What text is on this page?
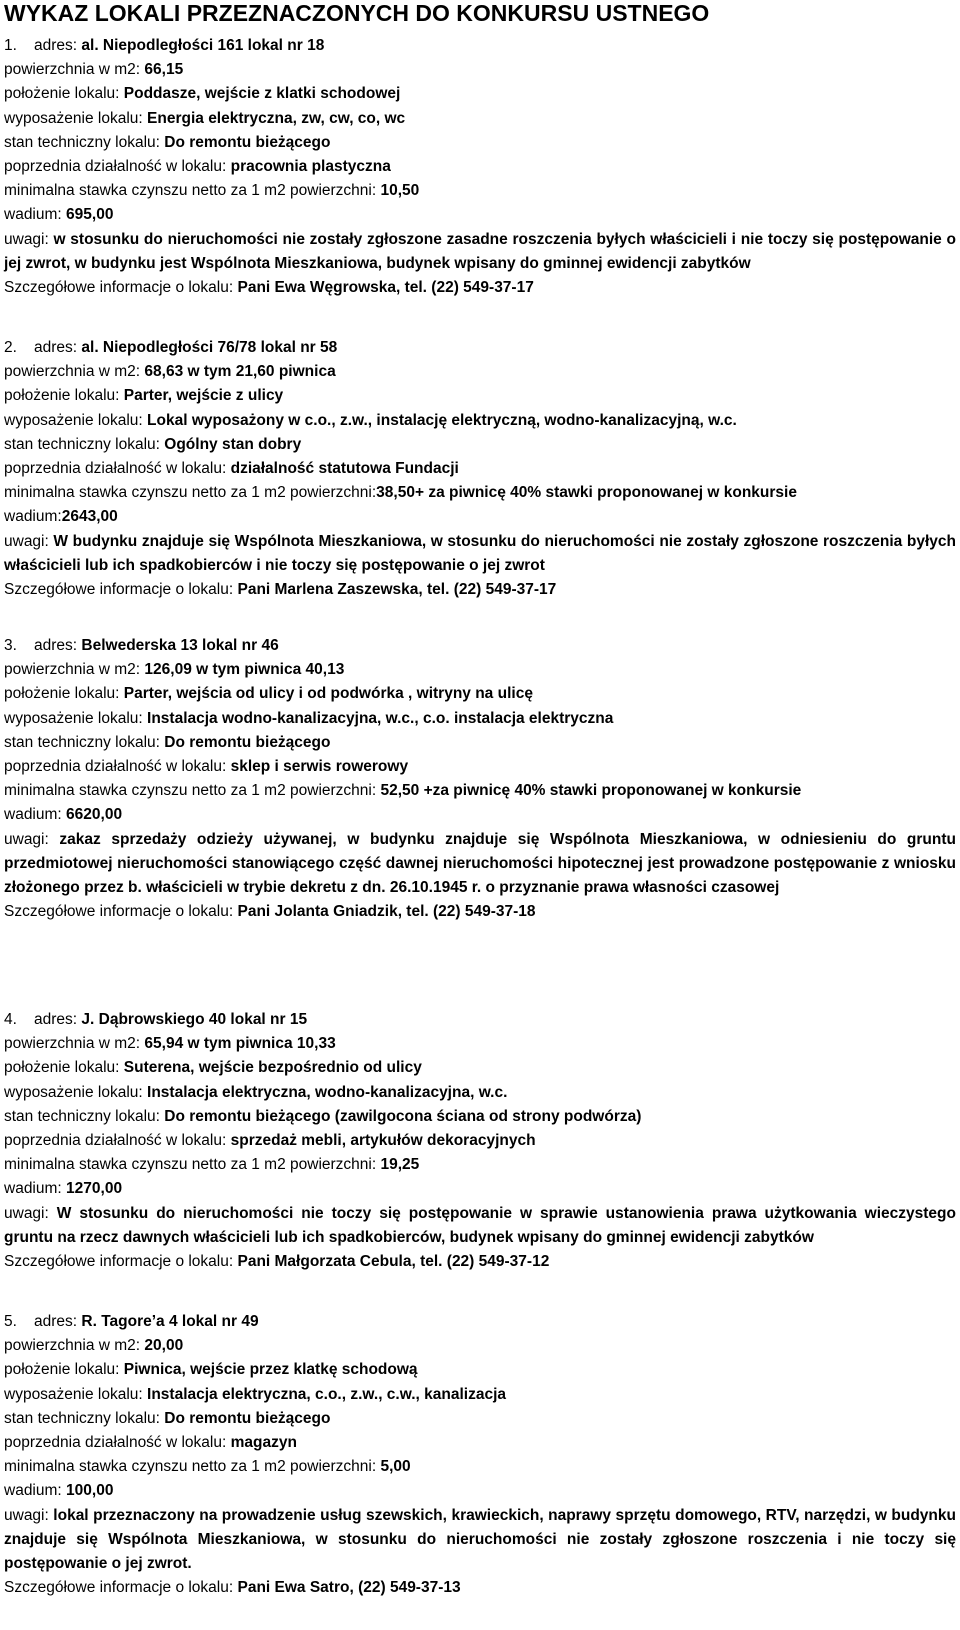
WYKAZ LOKALI PRZEZNACZONYCH DO KONKURSU USTNEGO
1. adres: al. Niepodległości 161 lokal nr 18
powierzchnia w m2: 66,15
położenie lokalu: Poddasze, wejście z klatki schodowej
wyposażenie lokalu: Energia elektryczna, zw, cw, co, wc
stan techniczny lokalu: Do remontu bieżącego
poprzednia działalność w lokalu: pracownia plastyczna
minimalna stawka czynszu netto za 1 m2 powierzchni: 10,50
wadium: 695,00
uwagi: w stosunku do nieruchomości nie zostały zgłoszone zasadne roszczenia byłych właścicieli i nie toczy się postępowanie o jej zwrot, w budynku jest Wspólnota Mieszkaniowa, budynek wpisany do gminnej ewidencji zabytków
Szczegółowe informacje o lokalu: Pani Ewa Węgrowska, tel. (22) 549-37-17
2. adres: al. Niepodległości 76/78 lokal nr 58
powierzchnia w m2: 68,63 w tym 21,60 piwnica
położenie lokalu: Parter, wejście z ulicy
wyposażenie lokalu: Lokal wyposażony w c.o., z.w., instalację elektryczną, wodno-kanalizacyjną, w.c.
stan techniczny lokalu: Ogólny stan dobry
poprzednia działalność w lokalu: działalność statutowa Fundacji
minimalna stawka czynszu netto za 1 m2 powierzchni:38,50+ za piwnicę 40% stawki proponowanej w konkursie
wadium:2643,00
uwagi: W budynku znajduje się Wspólnota Mieszkaniowa, w stosunku do nieruchomości nie zostały zgłoszone roszczenia byłych właścicieli lub ich spadkobierców i nie toczy się postępowanie o jej zwrot
Szczegółowe informacje o lokalu: Pani Marlena Zaszewska, tel. (22) 549-37-17
3. adres: Belwederska 13 lokal nr 46
powierzchnia w m2: 126,09 w tym piwnica 40,13
położenie lokalu: Parter, wejścia od ulicy i od podwórka , witryny na ulicę
wyposażenie lokalu: Instalacja wodno-kanalizacyjna, w.c., c.o. instalacja elektryczna
stan techniczny lokalu: Do remontu bieżącego
poprzednia działalność w lokalu: sklep i serwis rowerowy
minimalna stawka czynszu netto za 1 m2 powierzchni: 52,50 +za piwnicę 40% stawki proponowanej w konkursie
wadium: 6620,00
uwagi: zakaz sprzedaży odzieży używanej, w budynku znajduje się Wspólnota Mieszkaniowa, w odniesieniu do gruntu przedmiotowej nieruchomości stanowiącego część dawnej nieruchomości hipotecznej jest prowadzone postępowanie z wniosku złożonego przez b. właścicieli w trybie dekretu z dn. 26.10.1945 r. o przyznanie prawa własności czasowej
Szczegółowe informacje o lokalu: Pani Jolanta Gniadzik, tel. (22) 549-37-18
4. adres: J. Dąbrowskiego 40 lokal nr 15
powierzchnia w m2: 65,94 w tym piwnica 10,33
położenie lokalu: Suterena, wejście bezpośrednio od ulicy
wyposażenie lokalu: Instalacja elektryczna, wodno-kanalizacyjna, w.c.
stan techniczny lokalu: Do remontu bieżącego (zawilgocona ściana od strony podwórza)
poprzednia działalność w lokalu: sprzedaż mebli, artykułów dekoracyjnych
minimalna stawka czynszu netto za 1 m2 powierzchni: 19,25
wadium: 1270,00
uwagi: W stosunku do nieruchomości nie toczy się postępowanie w sprawie ustanowienia prawa użytkowania wieczystego gruntu na rzecz dawnych właścicieli lub ich spadkobierców, budynek wpisany do gminnej ewidencji zabytków
Szczegółowe informacje o lokalu: Pani Małgorzata Cebula, tel. (22) 549-37-12
5. adres: R. Tagore’a 4 lokal nr 49
powierzchnia w m2: 20,00
położenie lokalu: Piwnica, wejście przez klatkę schodową
wyposażenie lokalu: Instalacja elektryczna, c.o., z.w., c.w., kanalizacja
stan techniczny lokalu: Do remontu bieżącego
poprzednia działalność w lokalu: magazyn
minimalna stawka czynszu netto za 1 m2 powierzchni: 5,00
wadium: 100,00
uwagi: lokal przeznaczony na prowadzenie usług szewskich, krawieckich, naprawy sprzętu domowego, RTV, narzędzi, w budynku znajduje się Wspólnota Mieszkaniowa, w stosunku do nieruchomości nie zostały zgłoszone roszczenia i nie toczy się postępowanie o jej zwrot.
Szczegółowe informacje o lokalu: Pani Ewa Satro, (22) 549-37-13
